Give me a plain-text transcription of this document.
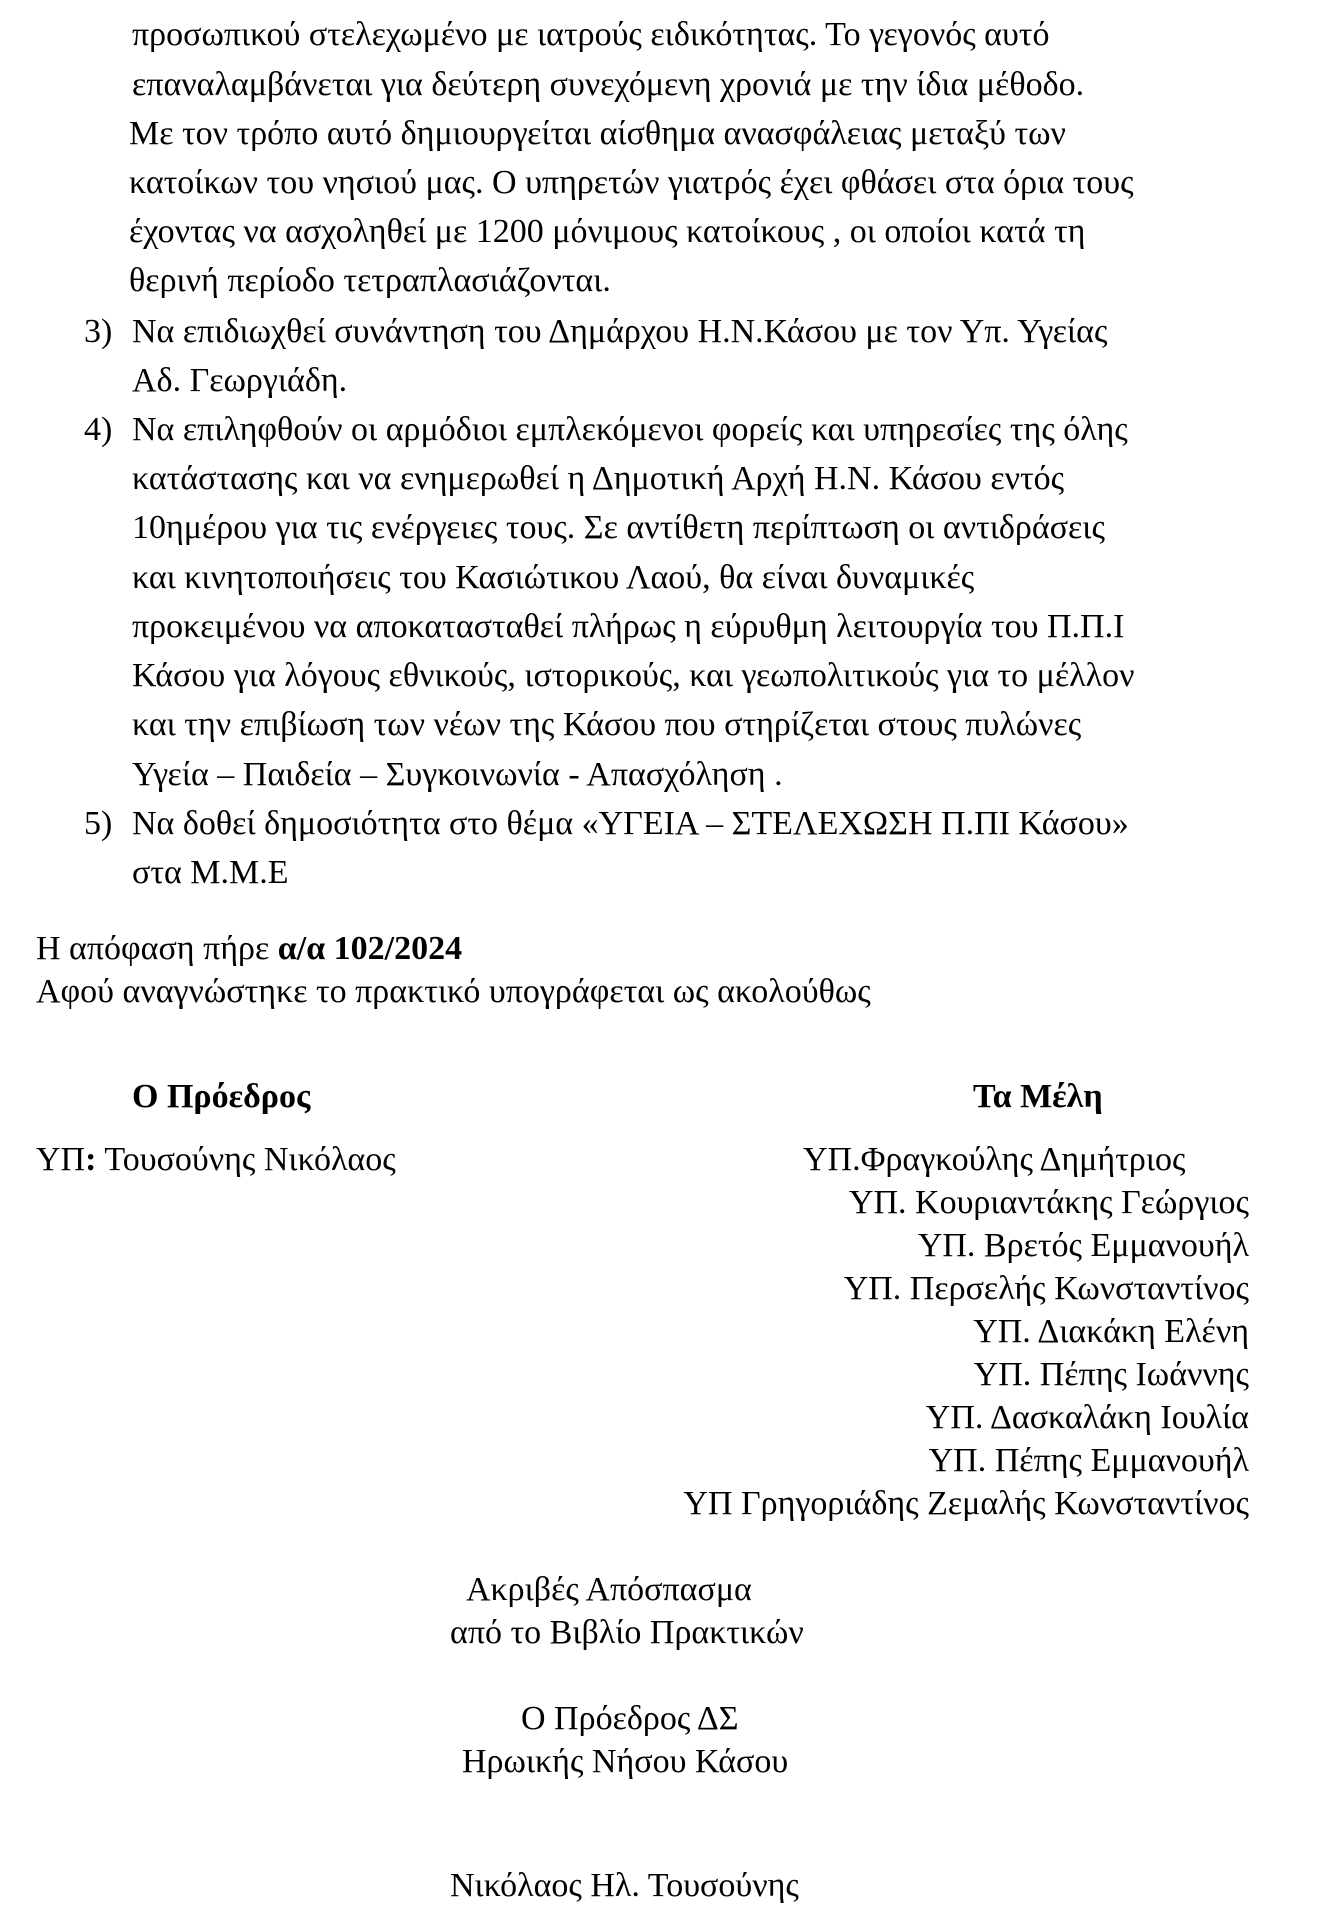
προσωπικού στελεχωμένο με ιατρούς ειδικότητας. Το γεγονός αυτό
επαναλαμβάνεται για δεύτερη συνεχόμενη χρονιά με την ίδια μέθοδο.
Με τον τρόπο αυτό δημιουργείται αίσθημα ανασφάλειας μεταξύ των
κατοίκων του νησιού μας. Ο υπηρετών γιατρός έχει φθάσει στα όρια τους
έχοντας να ασχοληθεί με 1200 μόνιμους κατοίκους , οι οποίοι κατά τη
θερινή περίοδο τετραπλασιάζονται.
3) Να επιδιωχθεί συνάντηση του Δημάρχου Η.Ν.Κάσου με τον Υπ. Υγείας
Αδ. Γεωργιάδη.
4) Να επιληφθούν οι αρμόδιοι εμπλεκόμενοι φορείς και υπηρεσίες της όλης
κατάστασης και να ενημερωθεί η Δημοτική Αρχή Η.Ν. Κάσου εντός
10ημέρου για τις ενέργειες τους. Σε αντίθετη περίπτωση οι αντιδράσεις
και κινητοποιήσεις του Κασιώτικου Λαού, θα είναι δυναμικές
προκειμένου να αποκατασταθεί πλήρως η εύρυθμη λειτουργία του Π.Π.Ι
Κάσου για λόγους εθνικούς, ιστορικούς, και γεωπολιτικούς για το μέλλον
και την επιβίωση των νέων της Κάσου που στηρίζεται στους πυλώνες
Υγεία – Παιδεία – Συγκοινωνία - Απασχόληση .
5) Να δοθεί δημοσιότητα στο θέμα «ΥΓΕΙΑ – ΣΤΕΛΕΧΩΣΗ Π.ΠΙ Κάσου»
στα Μ.Μ.Ε
Η απόφαση πήρε α/α 102/2024
Αφού αναγνώστηκε το πρακτικό υπογράφεται ως ακολούθως
Ο Πρόεδρος	Τα Μέλη
ΥΠ: Τουσούνης Νικόλαος	ΥΠ.Φραγκούλης Δημήτριος
ΥΠ. Κουριαντάκης Γεώργιος
ΥΠ. Βρετός Εμμανουήλ
ΥΠ. Περσελής Κωνσταντίνος
ΥΠ. Διακάκη Ελένη
ΥΠ. Πέπης Ιωάννης
ΥΠ. Δασκαλάκη Ιουλία
ΥΠ. Πέπης Εμμανουήλ
ΥΠ Γρηγοριάδης Ζεμαλής Κωνσταντίνος
Ακριβές Απόσπασμα
από το Βιβλίο Πρακτικών
Ο Πρόεδρος ΔΣ
Ηρωικής Νήσου Κάσου
Νικόλαος Ηλ. Τουσούνης
